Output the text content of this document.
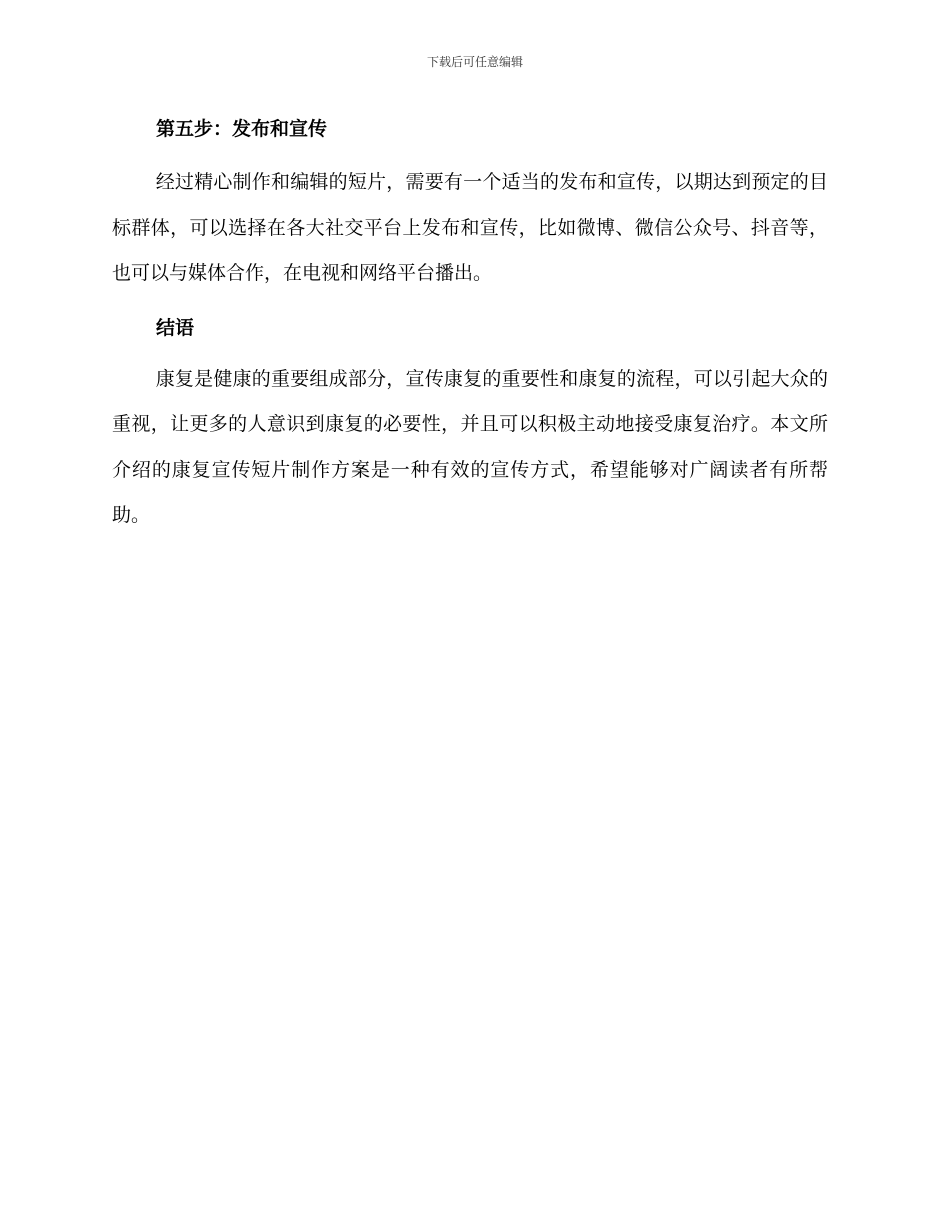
下载后可任意编辑
第五步：发布和宣传

经过精心制作和编辑的短片，需要有一个适当的发布和宣传，以期达到预定的目标群体，可以选择在各大社交平台上发布和宣传，比如微博、微信公众号、抖音等，也可以与媒体合作，在电视和网络平台播出。

结语

康复是健康的重要组成部分，宣传康复的重要性和康复的流程，可以引起大众的重视，让更多的人意识到康复的必要性，并且可以积极主动地接受康复治疗。本文所介绍的康复宣传短片制作方案是一种有效的宣传方式，希望能够对广阔读者有所帮助。
